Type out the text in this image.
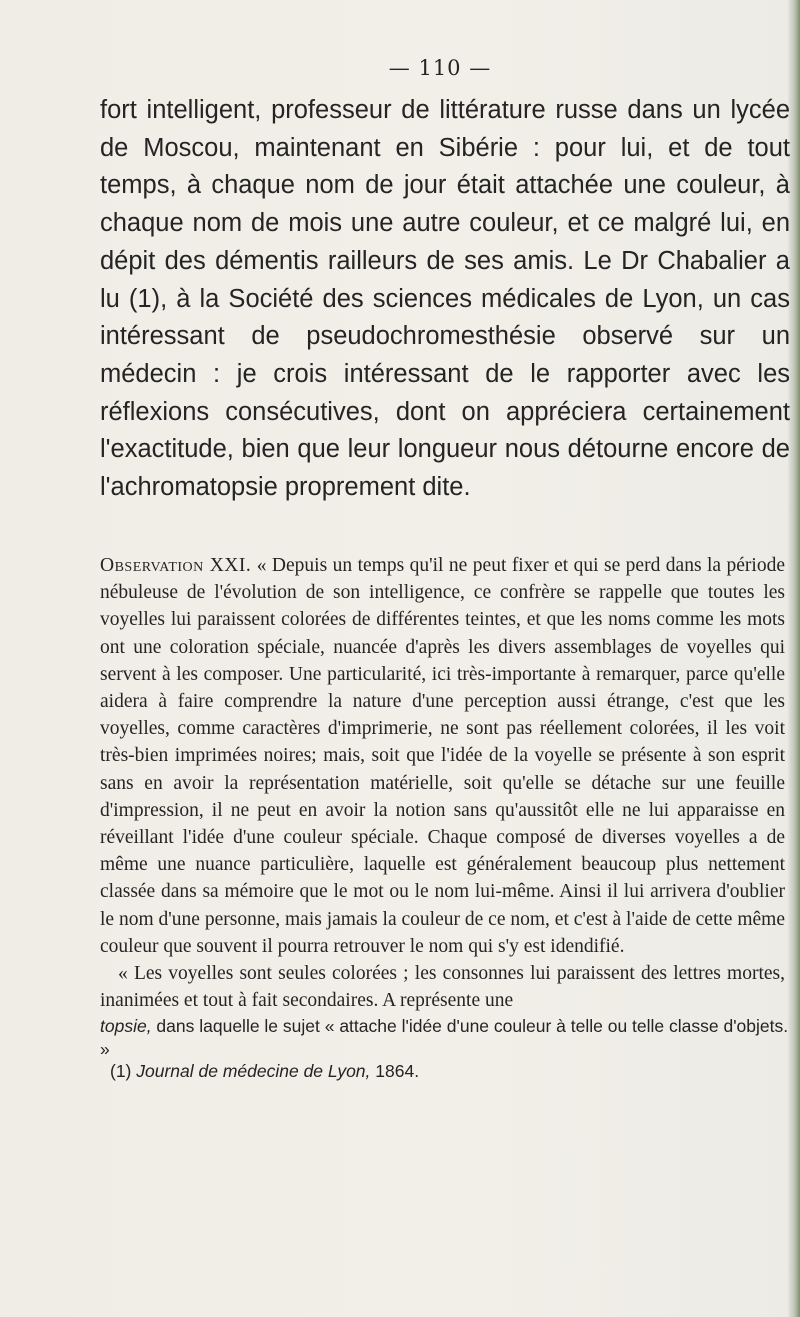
— 110 —
fort intelligent, professeur de littérature russe dans un lycée de Moscou, maintenant en Sibérie : pour lui, et de tout temps, à chaque nom de jour était attachée une couleur, à chaque nom de mois une autre couleur, et ce malgré lui, en dépit des démentis railleurs de ses amis. Le Dr Chabalier a lu (1), à la Société des sciences médicales de Lyon, un cas intéressant de pseudochromesthésie observé sur un médecin : je crois intéressant de le rapporter avec les réflexions consécutives, dont on appréciera certainement l'exactitude, bien que leur longueur nous détourne encore de l'achromatopsie proprement dite.

Observation XXI. « Depuis un temps qu'il ne peut fixer et qui se perd dans la période nébuleuse de l'évolution de son intelligence, ce confrère se rappelle que toutes les voyelles lui paraissent colorées de différentes teintes, et que les noms comme les mots ont une coloration spéciale, nuancée d'après les divers assemblages de voyelles qui servent à les composer. Une particularité, ici très-importante à remarquer, parce qu'elle aidera à faire comprendre la nature d'une perception aussi étrange, c'est que les voyelles, comme caractères d'imprimerie, ne sont pas réellement colorées, il les voit très-bien imprimées noires; mais, soit que l'idée de la voyelle se présente à son esprit sans en avoir la représentation matérielle, soit qu'elle se détache sur une feuille d'impression, il ne peut en avoir la notion sans qu'aussitôt elle ne lui apparaisse en réveillant l'idée d'une couleur spéciale. Chaque composé de diverses voyelles a de même une nuance particulière, laquelle est généralement beaucoup plus nettement classée dans sa mémoire que le mot ou le nom lui-même. Ainsi il lui arrivera d'oublier le nom d'une personne, mais jamais la couleur de ce nom, et c'est à l'aide de cette même couleur que souvent il pourra retrouver le nom qui s'y est idendifié.

« Les voyelles sont seules colorées ; les consonnes lui paraissent des lettres mortes, inanimées et tout à fait secondaires. A représente une

topsie, dans laquelle le sujet « attache l'idée d'une couleur à telle ou telle classe d'objets. »

(1) Journal de médecine de Lyon, 1864.
